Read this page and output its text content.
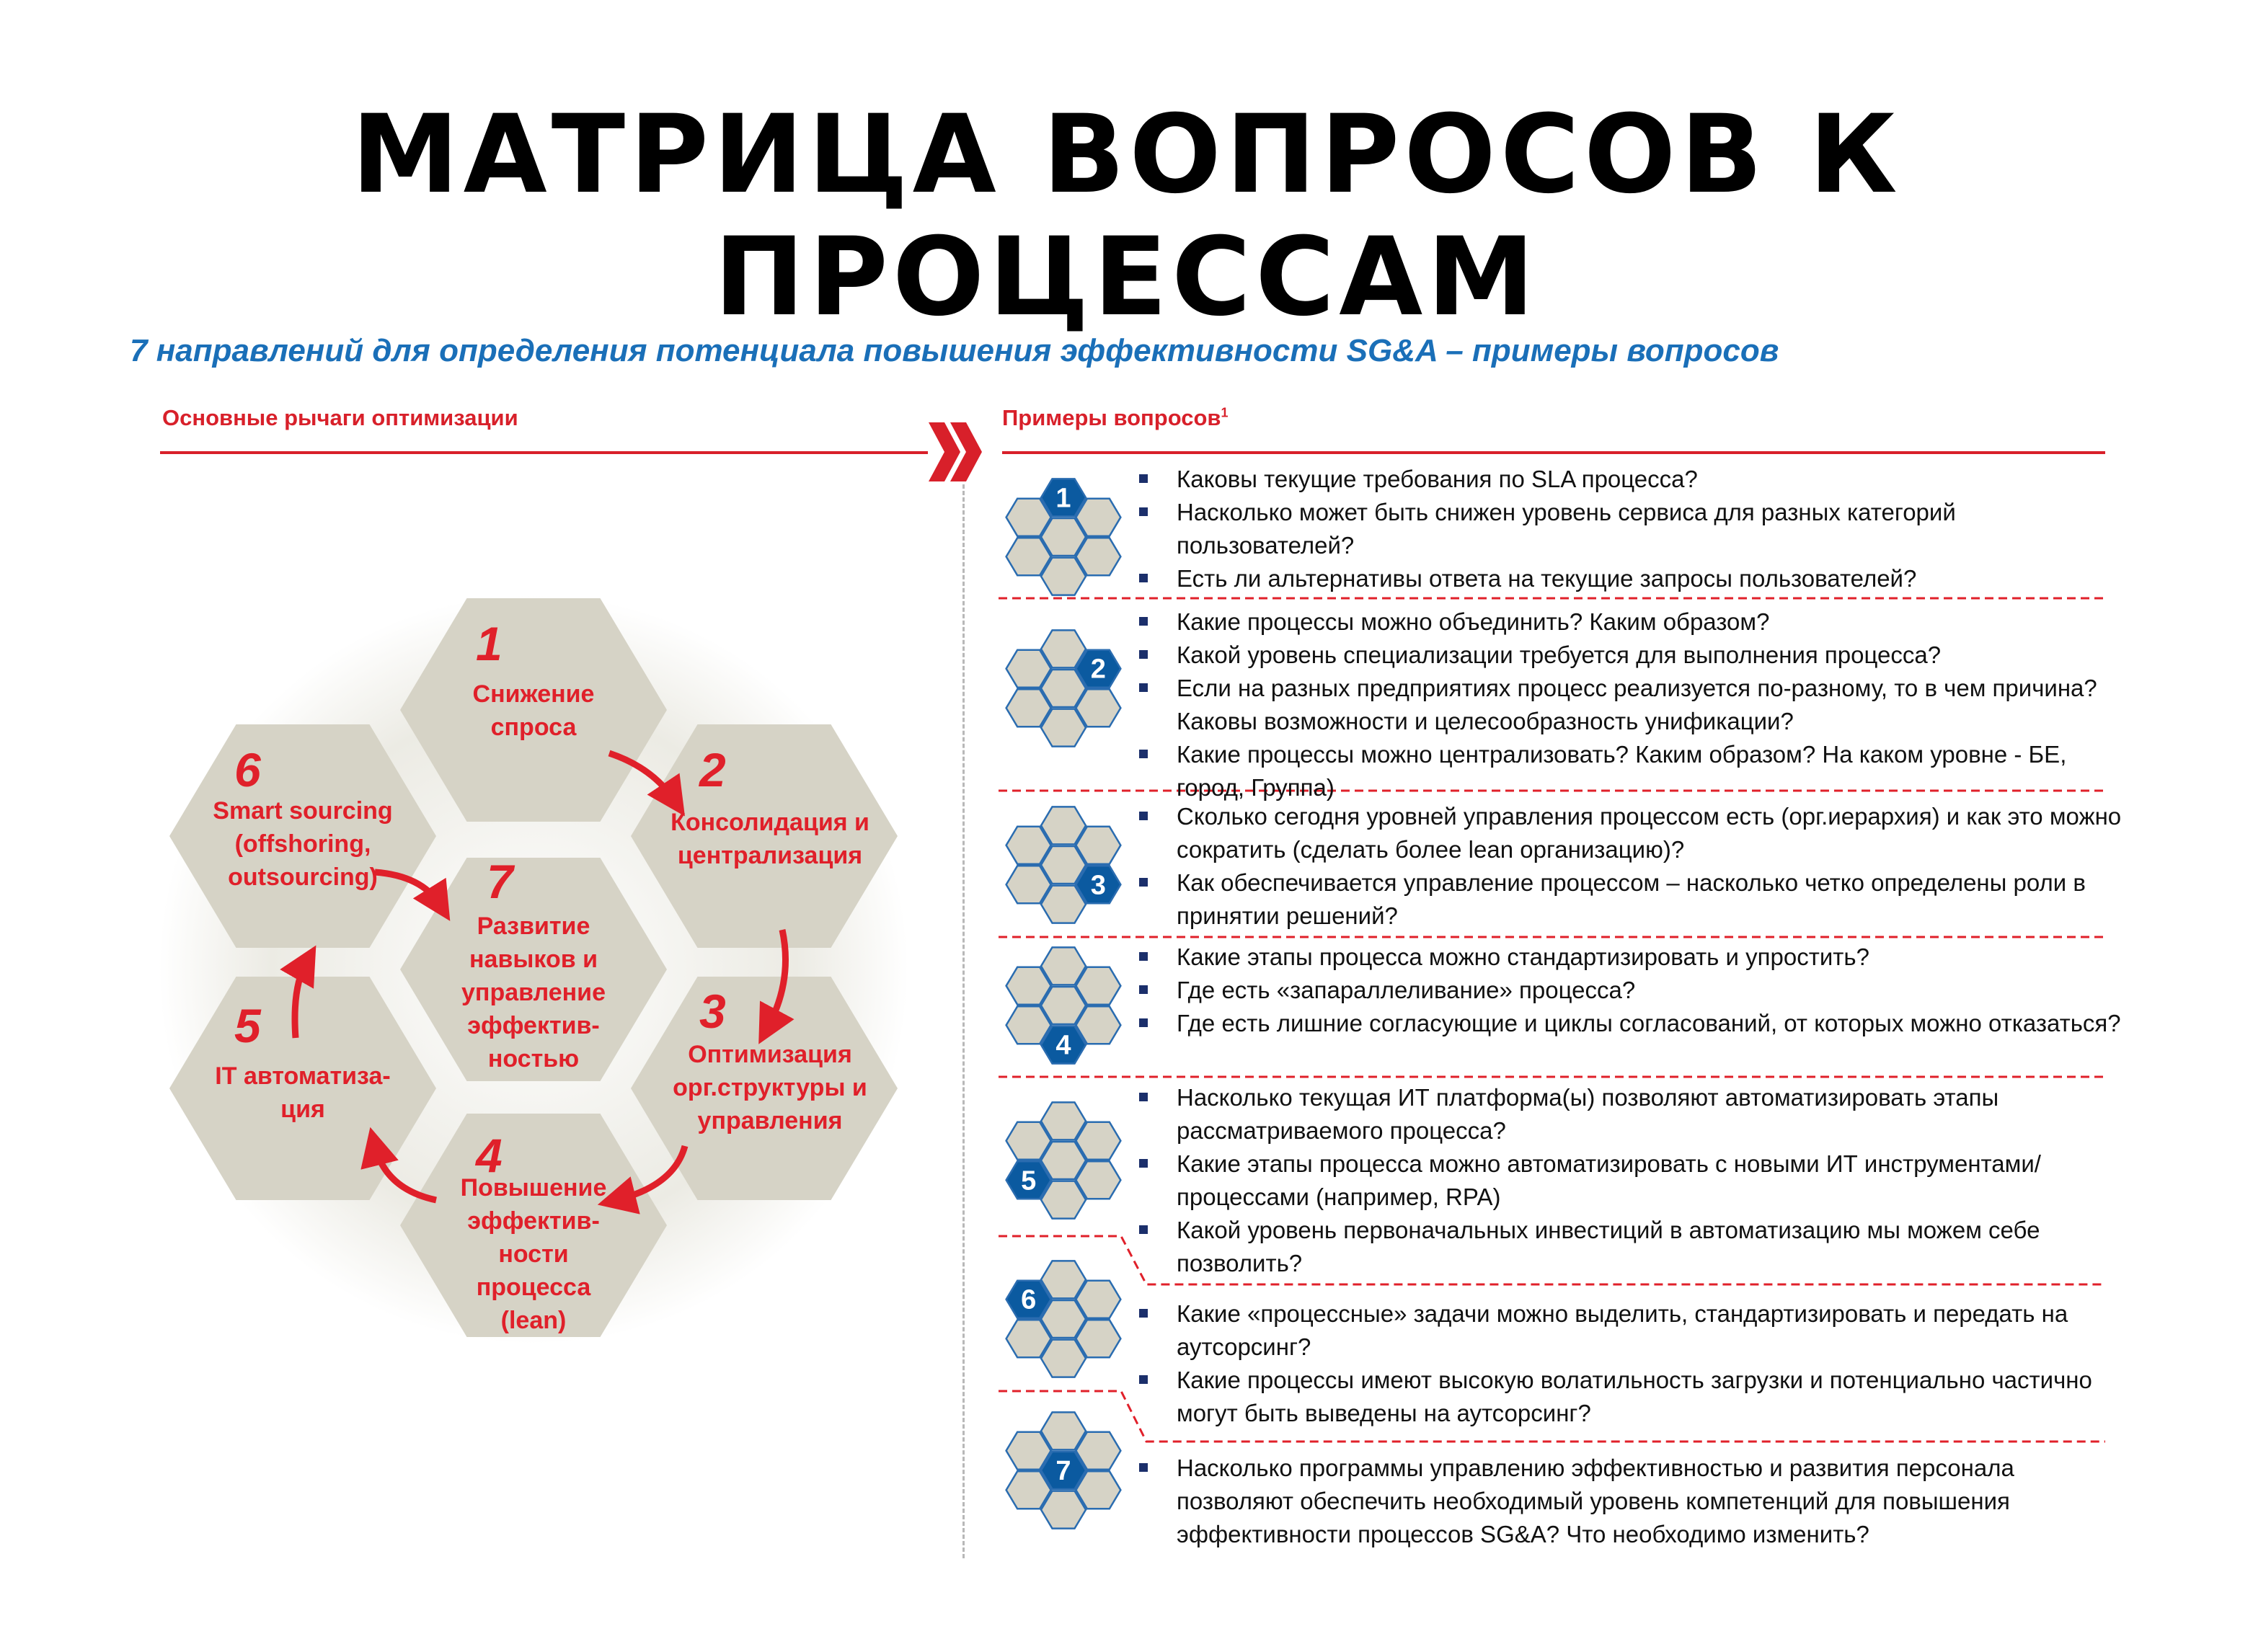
МАТРИЦА ВОПРОСОВ К ПРОЦЕССАМ
7 направлений для определения потенциала повышения эффективности SG&A – примеры вопросов
Основные рычаги оптимизации	Примеры вопросов$^1$
1
2
3
4
5
6
7
1
Снижение
спроса
2
Консолидация и
централизация
3
Оптимизация
орг.структуры и
управления
4
Повышение
эффектив-
ности
процесса
(lean)
5
IT автоматиза-
ция
6
Smart sourcing
(offshoring,
outsourcing)	7
Развитие
навыков и
управление
эффектив-
ностью
Каковы текущие требования по SLA процесса?
Насколько может быть снижен уровень сервиса для разных категорий пользователей?
Есть ли альтернативы ответа на текущие запросы пользователей?
Какие процессы можно объединить? Каким образом?
Какой уровень специализации требуется для выполнения процесса?
Если на разных предприятиях процесс реализуется по-разному, то в чем причина? Каковы возможности и целесообразность унификации?
Какие процессы можно централизовать? Каким образом? На каком уровне - БЕ, город, Группа)
Сколько сегодня уровней управления процессом есть (орг.иерархия) и как это можно сократить (сделать более lean организацию)?
Как обеспечивается управление процессом – насколько четко определены роли в принятии решений?
Какие этапы процесса можно стандартизировать и упростить?
Где есть «запараллеливание» процесса?
Где есть лишние согласующие и циклы согласований, от которых можно отказаться?
Насколько текущая ИТ платформа(ы) позволяют автоматизировать этапы рассматриваемого процесса?
Какие этапы процесса можно автоматизировать с новыми ИТ инструментами/процессами (например, RPA)
Какой уровень первоначальных инвестиций в автоматизацию мы можем себе позволить?
Какие «процессные» задачи можно выделить, стандартизировать и передать на аутсорсинг?
Какие процессы имеют высокую волатильность загрузки и потенциально частично могут быть выведены на аутсорсинг?
Насколько программы управлению эффективностью и развития персонала позволяют обеспечить необходимый уровень компетенций для повышения эффективности процессов SG&A? Что необходимо изменить?
